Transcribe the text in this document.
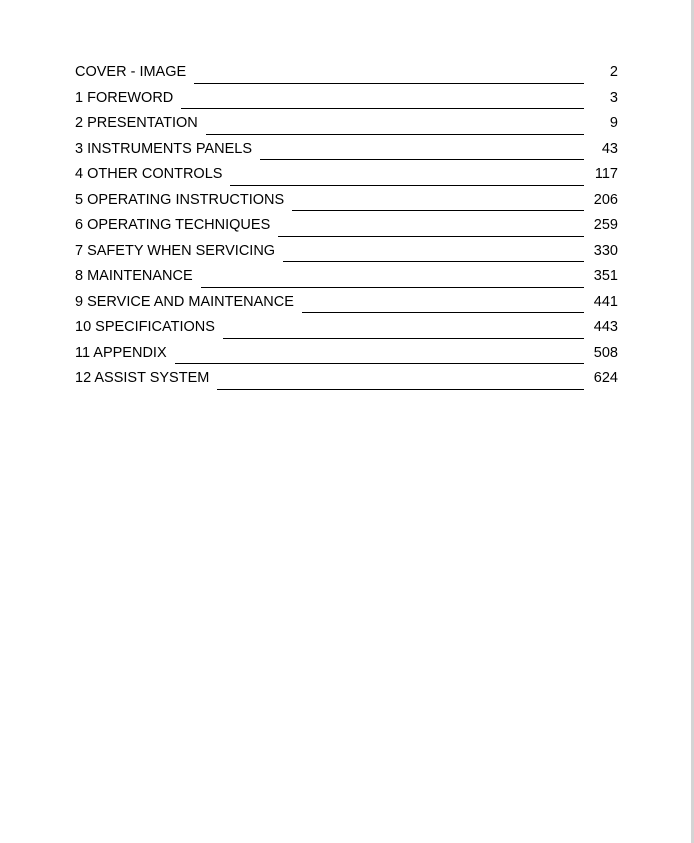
COVER - IMAGE	2
1 FOREWORD	3
2 PRESENTATION	9
3 INSTRUMENTS PANELS	43
4 OTHER CONTROLS	117
5 OPERATING INSTRUCTIONS	206
6 OPERATING TECHNIQUES	259
7 SAFETY WHEN SERVICING	330
8 MAINTENANCE	351
9 SERVICE AND MAINTENANCE	441
10 SPECIFICATIONS	443
11 APPENDIX	508
12 ASSIST SYSTEM	624
